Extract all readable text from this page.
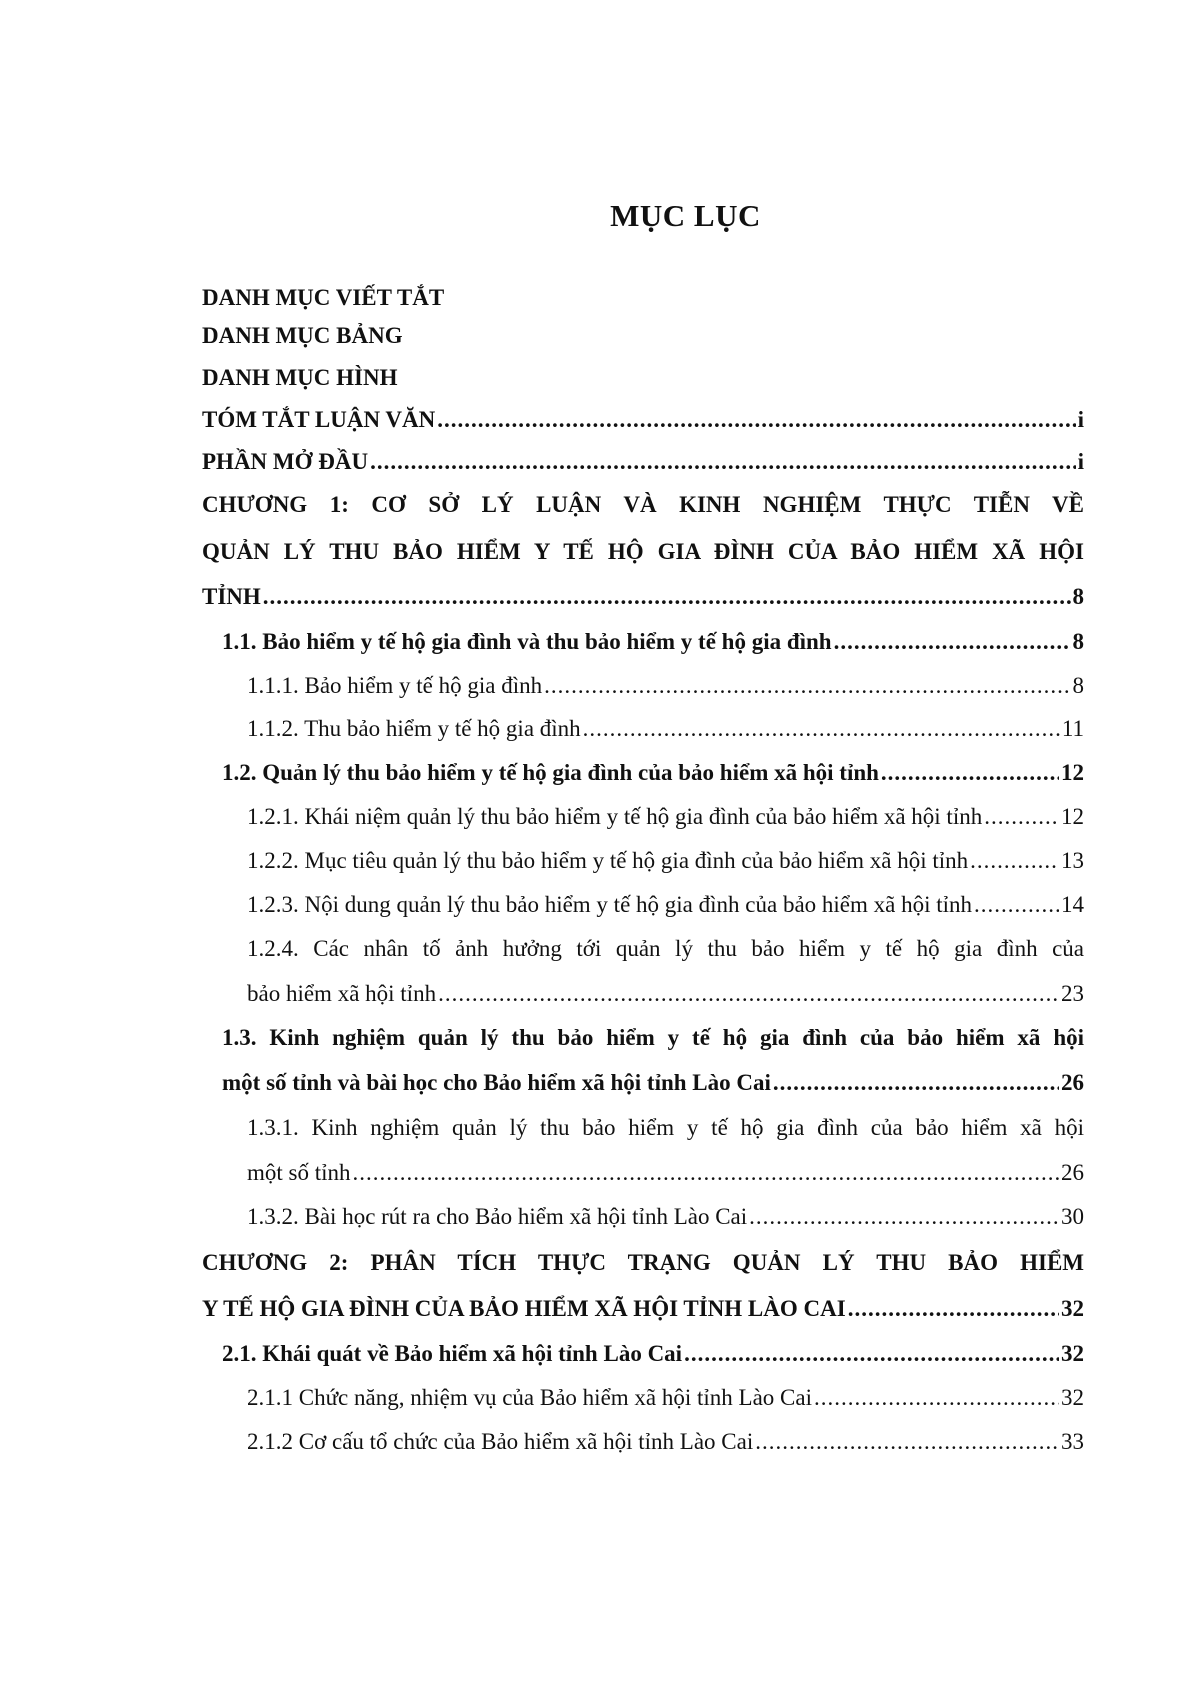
MỤC LỤC
DANH MỤC VIẾT TẮT
DANH MỤC BẢNG
DANH MỤC HÌNH
TÓM TẮT LUẬN VĂN .....	i
PHẦN MỞ ĐẦU .....	i
CHƯƠNG 1: CƠ SỞ LÝ LUẬN VÀ KINH NGHIỆM THỰC TIỄN VỀ
QUẢN LÝ THU BẢO HIỂM Y TẾ HỘ GIA ĐÌNH CỦA BẢO HIỂM XÃ HỘI
TỈNH .....	8
1.1. Bảo hiểm y tế hộ gia đình và thu bảo hiểm y tế hộ gia đình .....	8
1.1.1. Bảo hiểm y tế hộ gia đình .....	8
1.1.2. Thu bảo hiểm y tế hộ gia đình .....	11
1.2. Quản lý thu bảo hiểm y tế hộ gia đình của bảo hiểm xã hội tỉnh .....	12
1.2.1. Khái niệm quản lý thu bảo hiểm y tế hộ gia đình của bảo hiểm xã hội tỉnh .....	12
1.2.2. Mục tiêu quản lý thu bảo hiểm y tế hộ gia đình của bảo hiểm xã hội tỉnh .....	13
1.2.3. Nội dung quản lý thu bảo hiểm y tế hộ gia đình của bảo hiểm xã hội tỉnh .....	14
1.2.4. Các nhân tố ảnh hưởng tới quản lý thu bảo hiểm y tế hộ gia đình của
bảo hiểm xã hội tỉnh .....	23
1.3. Kinh nghiệm quản lý thu bảo hiểm y tế hộ gia đình của bảo hiểm xã hội
một số tỉnh và bài học cho Bảo hiểm xã hội tỉnh Lào Cai .....	26
1.3.1. Kinh nghiệm quản lý thu bảo hiểm y tế hộ gia đình của bảo hiểm xã hội
một số tỉnh .....	26
1.3.2. Bài học rút ra cho Bảo hiểm xã hội tỉnh Lào Cai .....	30
CHƯƠNG 2: PHÂN TÍCH THỰC TRẠNG QUẢN LÝ THU BẢO HIỂM
Y TẾ HỘ GIA ĐÌNH CỦA BẢO HIỂM XÃ HỘI TỈNH LÀO CAI .....	32
2.1. Khái quát về Bảo hiểm xã hội tỉnh Lào Cai .....	32
2.1.1 Chức năng, nhiệm vụ của Bảo hiểm xã hội tỉnh Lào Cai .....	32
2.1.2 Cơ cấu tổ chức của Bảo hiểm xã hội tỉnh Lào Cai .....	33
